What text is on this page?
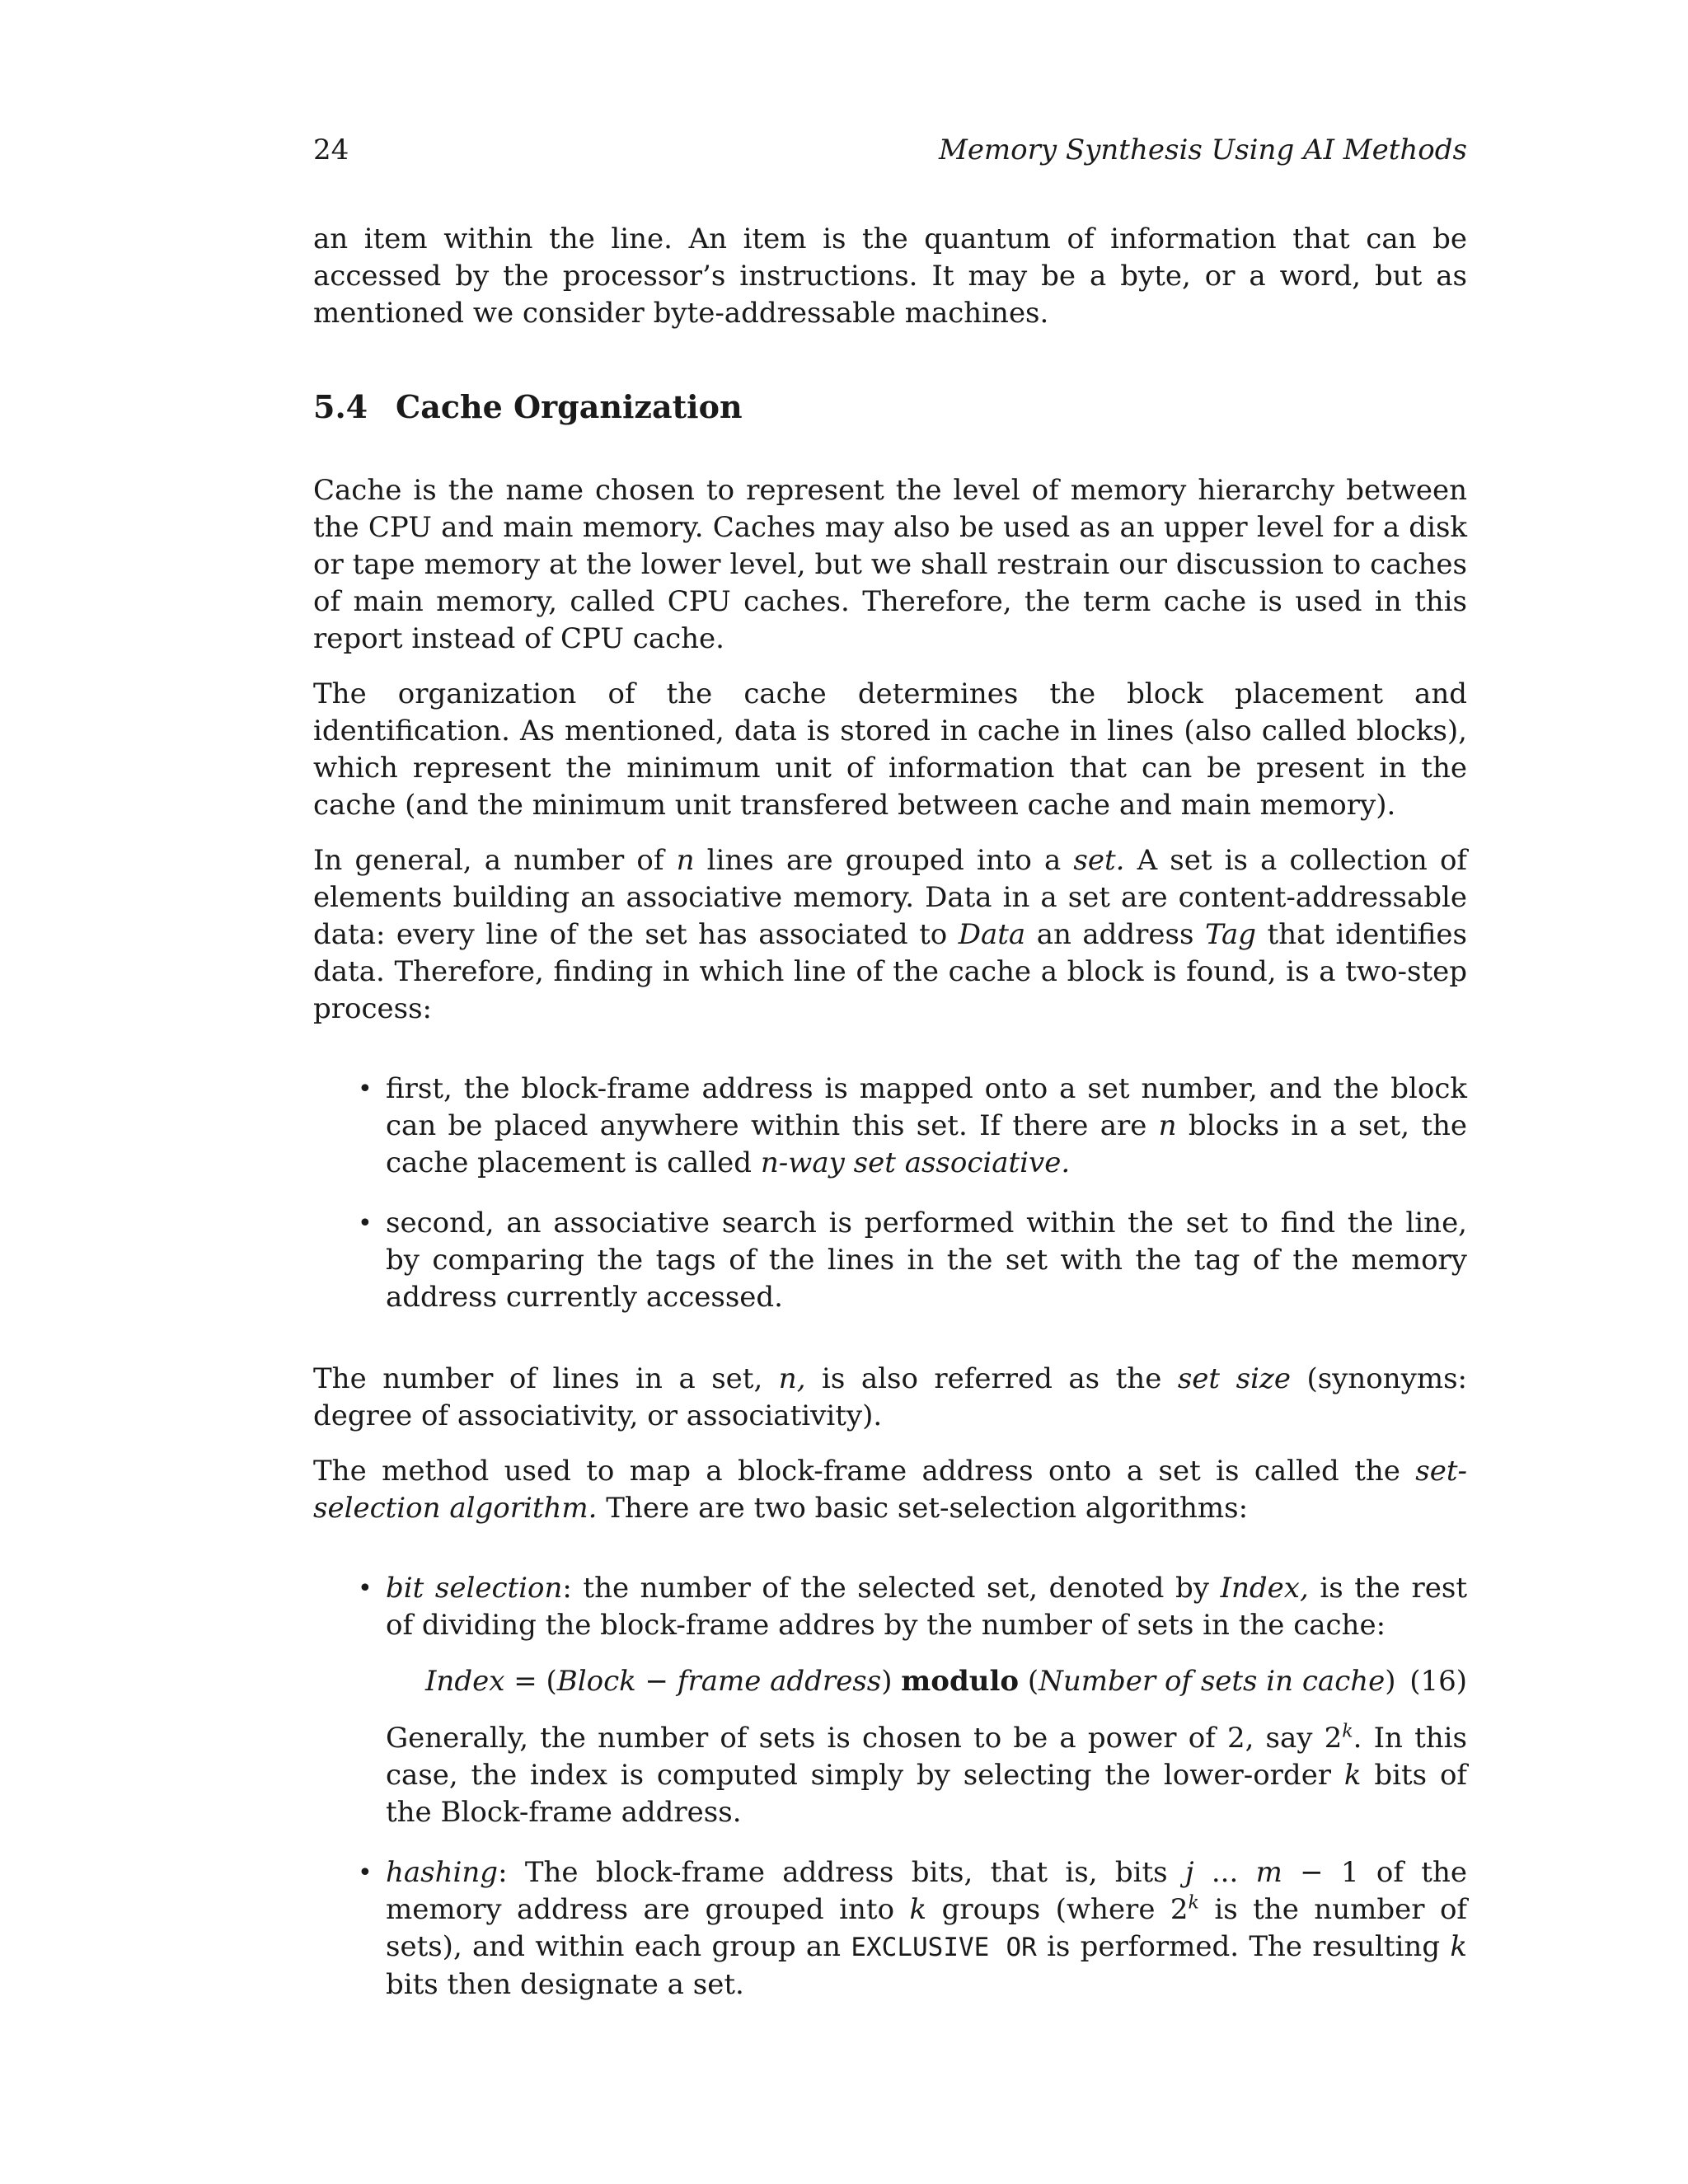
24	Memory Synthesis Using AI Methods

an item within the line. An item is the quantum of information that can be accessed by the processor’s instructions. It may be a byte, or a word, but as mentioned we consider byte-addressable machines.

5.4 Cache Organization

Cache is the name chosen to represent the level of memory hierarchy between the CPU and main memory. Caches may also be used as an upper level for a disk or tape memory at the lower level, but we shall restrain our discussion to caches of main memory, called CPU caches. Therefore, the term cache is used in this report instead of CPU cache.

The organization of the cache determines the block placement and identification. As mentioned, data is stored in cache in lines (also called blocks), which represent the minimum unit of information that can be present in the cache (and the minimum unit transfered between cache and main memory).

In general, a number of n lines are grouped into a set. A set is a collection of elements building an associative memory. Data in a set are content-addressable data: every line of the set has associated to Data an address Tag that identifies data. Therefore, finding in which line of the cache a block is found, is a two-step process:

• first, the block-frame address is mapped onto a set number, and the block can be placed anywhere within this set. If there are n blocks in a set, the cache placement is called n-way set associative.
• second, an associative search is performed within the set to find the line, by comparing the tags of the lines in the set with the tag of the memory address currently accessed.

The number of lines in a set, n, is also referred as the set size (synonyms: degree of associativity, or associativity).

The method used to map a block-frame address onto a set is called the set-selection algorithm. There are two basic set-selection algorithms:

• bit selection: the number of the selected set, denoted by Index, is the rest of dividing the block-frame addres by the number of sets in the cache:
Index = (Block − frame address) modulo (Number of sets in cache) (16)

Generally, the number of sets is chosen to be a power of 2, say 2$^k$. In this case, the index is computed simply by selecting the lower-order k bits of the Block-frame address.

• hashing: The block-frame address bits, that is, bits j ... m − 1 of the memory address are grouped into k groups (where 2$^k$ is the number of sets), and within each group an EXCLUSIVE OR is performed. The resulting k bits then designate a set.
